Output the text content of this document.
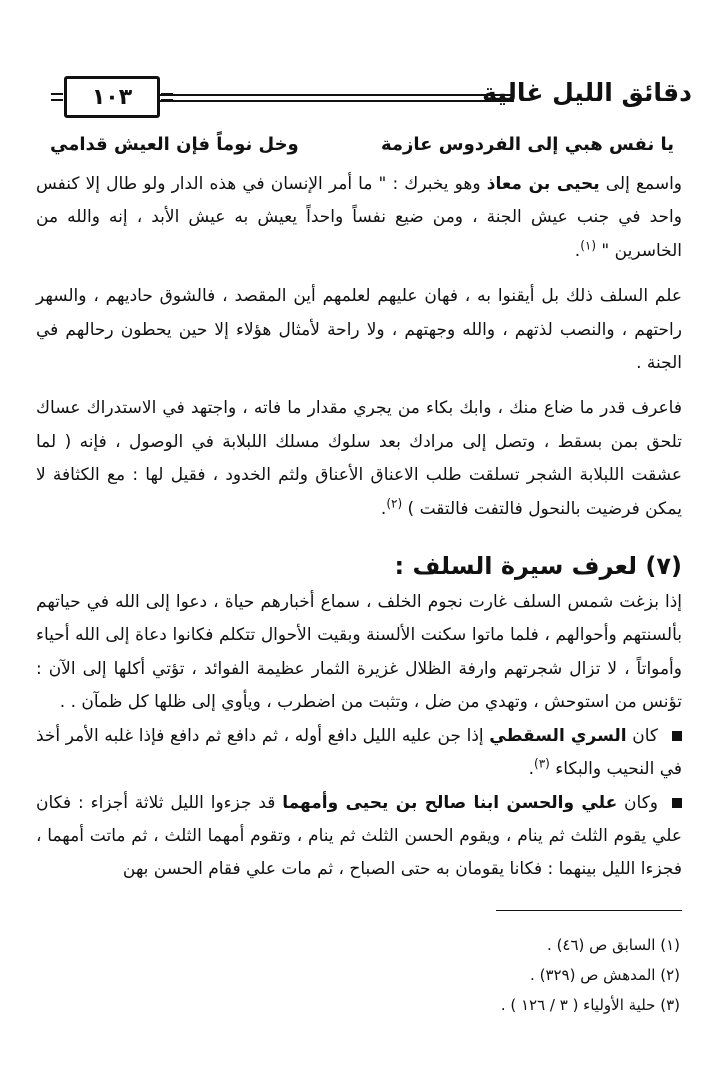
دقائق الليل غالية
١٠٣
يا نفس هبي إلى الفردوس عازمة
وخل نوماً فإن العيش قدامي

واسمع إلى يحيى بن معاذ وهو يخبرك : " ما أمر الإنسان في هذه الدار ولو طال إلا كنفس واحد في جنب عيش الجنة ، ومن ضيع نفساً واحداً يعيش به عيش الأبد ، إنه والله من الخاسرين " $^{(١)}$.

علم السلف ذلك بل أيقنوا به ، فهان عليهم لعلمهم أين المقصد ، فالشوق حاديهم ، والسهر راحتهم ، والنصب لذتهم ، والله وجهتهم ، ولا راحة لأمثال هؤلاء إلا حين يحطون رحالهم في الجنة .

فاعرف قدر ما ضاع منك ، وابك بكاء من يجري مقدار ما فاته ، واجتهد في الاستدراك عساك تلحق بمن بسقط ، وتصل إلى مرادك بعد سلوك مسلك اللبلابة في الوصول ، فإنه ( لما عشقت اللبلابة الشجر تسلقت طلب الاعناق الأعناق ولثم الخدود ، فقيل لها : مع الكثافة لا يمكن فرضيت بالنحول فالتفت فالتقت ) $^{(٢)}$.

(٧) لعرف سيرة السلف :

إذا بزغت شمس السلف غارت نجوم الخلف ، سماع أخبارهم حياة ، دعوا إلى الله في حياتهم بألسنتهم وأحوالهم ، فلما ماتوا سكنت الألسنة وبقيت الأحوال تتكلم فكانوا دعاة إلى الله أحياء وأمواتاً ، لا تزال شجرتهم وارفة الظلال غزيرة الثمار عظيمة الفوائد ، تؤتي أكلها إلى الآن : تؤنس من استوحش ، وتهدي من ضل ، وتثبت من اضطرب ، ويأوي إلى ظلها كل ظمآن . .

كان السري السقطي إذا جن عليه الليل دافع أوله ، ثم دافع ثم دافع فإذا غلبه الأمر أخذ في النحيب والبكاء $^{(٣)}$.

وكان علي والحسن ابنا صالح بن يحيى وأمهما قد جزءوا الليل ثلاثة أجزاء : فكان علي يقوم الثلث ثم ينام ، ويقوم الحسن الثلث ثم ينام ، وتقوم أمهما الثلث ، ثم ماتت أمهما ، فجزءا الليل بينهما : فكانا يقومان به حتى الصباح ، ثم مات علي فقام الحسن بهن

(١) السابق ص (٤٦) .
(٢) المدهش ص (٣٢٩) .
(٣) حلية الأولياء ( ٣ / ١٢٦ ) .
